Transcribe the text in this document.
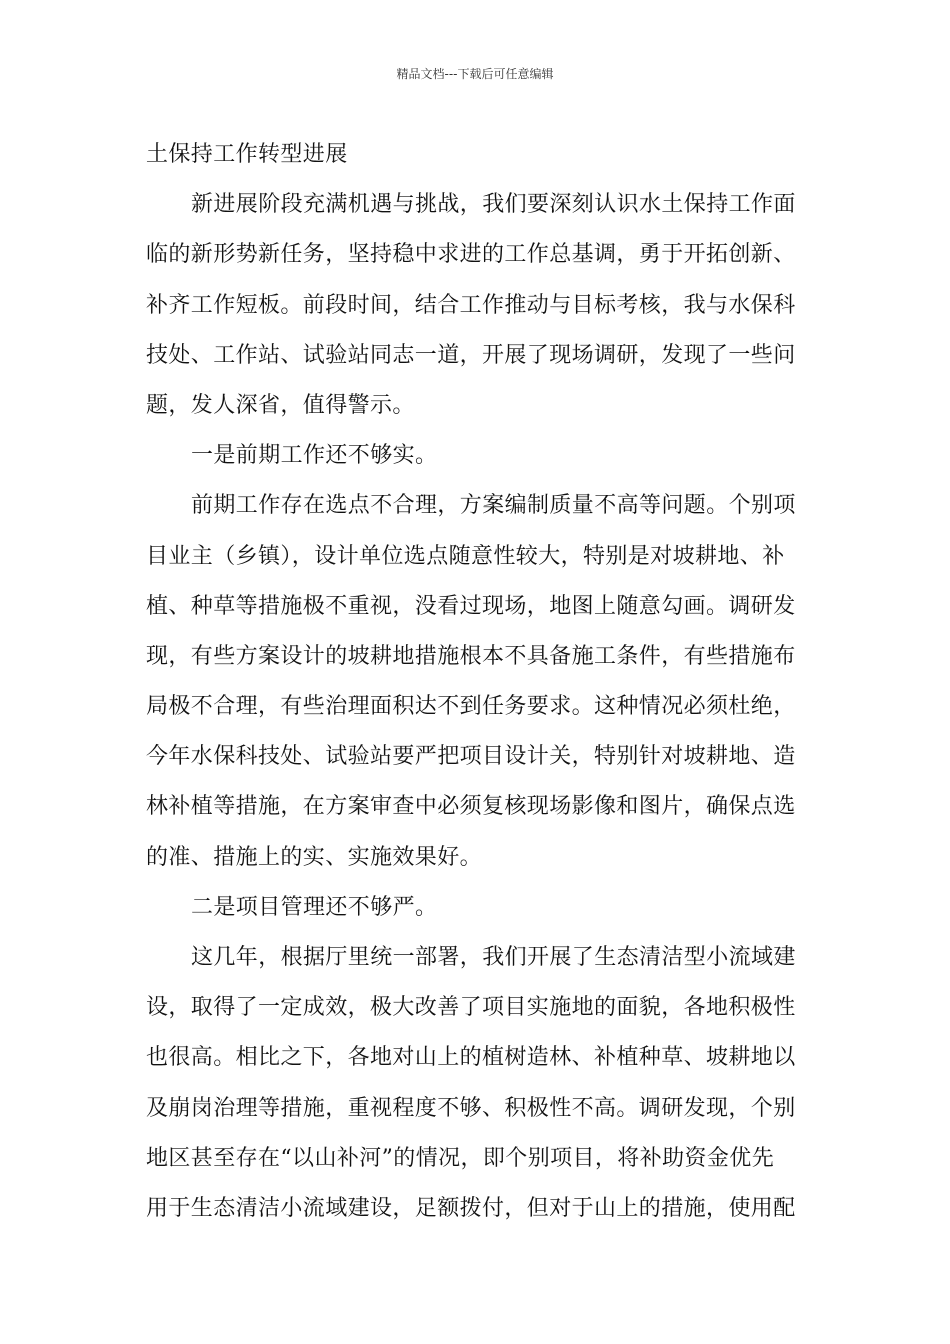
精品文档---下载后可任意编辑
土保持工作转型进展
新进展阶段充满机遇与挑战，我们要深刻认识水土保持工作面
临的新形势新任务，坚持稳中求进的工作总基调，勇于开拓创新、
补齐工作短板。前段时间，结合工作推动与目标考核，我与水保科
技处、工作站、试验站同志一道，开展了现场调研，发现了一些问
题，发人深省，值得警示。
一是前期工作还不够实。
前期工作存在选点不合理，方案编制质量不高等问题。个别项
目业主（乡镇），设计单位选点随意性较大，特别是对坡耕地、补
植、种草等措施极不重视，没看过现场，地图上随意勾画。调研发
现，有些方案设计的坡耕地措施根本不具备施工条件，有些措施布
局极不合理，有些治理面积达不到任务要求。这种情况必须杜绝，
今年水保科技处、试验站要严把项目设计关，特别针对坡耕地、造
林补植等措施，在方案审查中必须复核现场影像和图片，确保点选
的准、措施上的实、实施效果好。
二是项目管理还不够严。
这几年，根据厅里统一部署，我们开展了生态清洁型小流域建
设，取得了一定成效，极大改善了项目实施地的面貌，各地积极性
也很高。相比之下，各地对山上的植树造林、补植种草、坡耕地以
及崩岗治理等措施，重视程度不够、积极性不高。调研发现，个别
地区甚至存在“以山补河”的情况，即个别项目，将补助资金优先
用于生态清洁小流域建设，足额拨付，但对于山上的措施，使用配
